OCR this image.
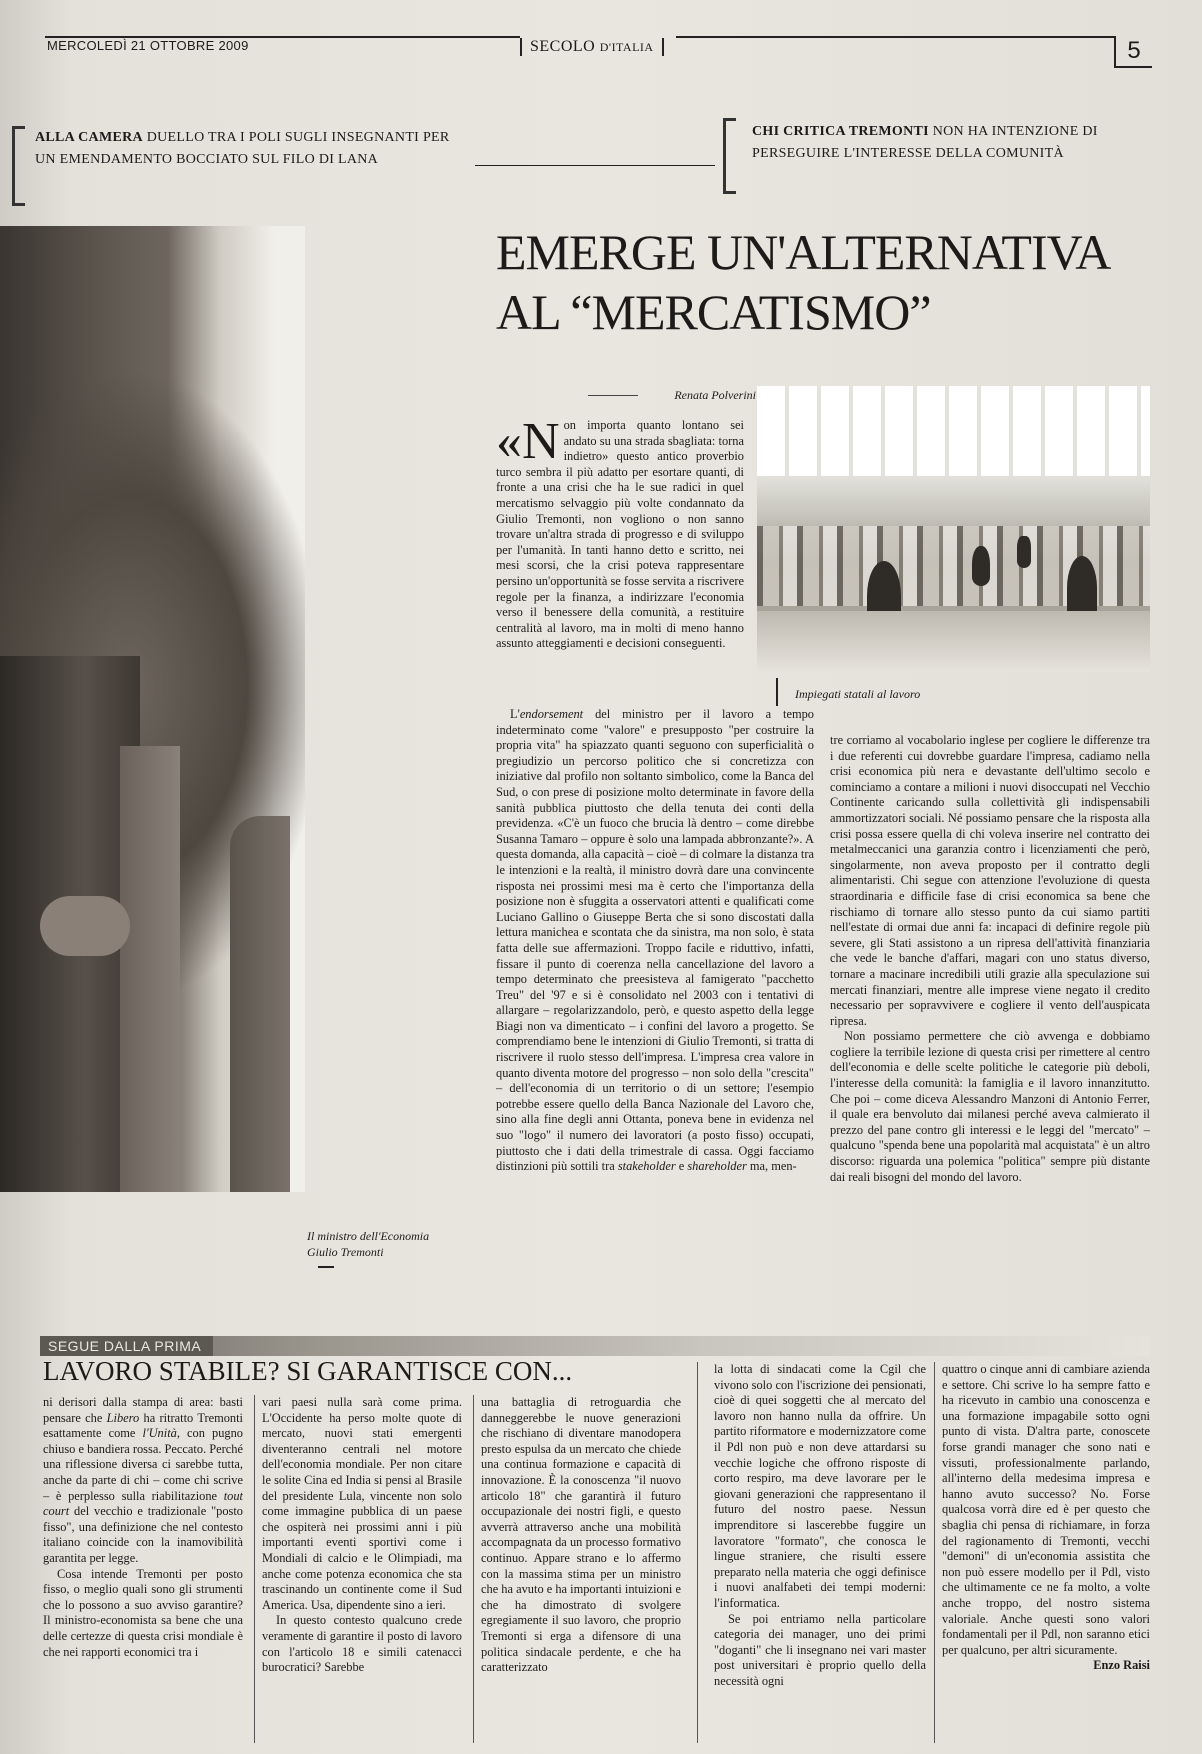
MERCOLEDÌ 21 OTTOBRE 2009	SECOLO D'ITALIA	5
ALLA CAMERA DUELLO TRA I POLI SUGLI INSEGNANTI PER UN EMENDAMENTO BOCCIATO SUL FILO DI LANA
CHI CRITICA TREMONTI NON HA INTENZIONE DI PERSEGUIRE L'INTERESSE DELLA COMUNITÀ
Il ministro dell'Economia
Giulio Tremonti
EMERGE UN'ALTERNATIVA
AL “MERCATISMO”
Renata Polverini
Impiegati statali al lavoro

«Non importa quanto lontano sei andato su una strada sbagliata: torna indietro» questo antico proverbio turco sembra il più adatto per esortare quanti, di fronte a una crisi che ha le sue radici in quel mercatismo selvaggio più volte condannato da Giulio Tremonti, non vogliono o non sanno trovare un'altra strada di progresso e di sviluppo per l'umanità. In tanti hanno detto e scritto, nei mesi scorsi, che la crisi poteva rappresentare persino un'opportunità se fosse servita a riscrivere regole per la finanza, a indirizzare l'economia verso il benessere della comunità, a restituire centralità al lavoro, ma in molti di meno hanno assunto atteggiamenti e decisioni conseguenti.

L'endorsement del ministro per il lavoro a tempo indeterminato come "valore" e presupposto "per costruire la propria vita" ha spiazzato quanti seguono con superficialità o pregiudizio un percorso politico che si concretizza con iniziative dal profilo non soltanto simbolico, come la Banca del Sud, o con prese di posizione molto determinate in favore della sanità pubblica piuttosto che della tenuta dei conti della previdenza. «C'è un fuoco che brucia là dentro – come direbbe Susanna Tamaro – oppure è solo una lampada abbronzante?». A questa domanda, alla capacità – cioè – di colmare la distanza tra le intenzioni e la realtà, il ministro dovrà dare una convincente risposta nei prossimi mesi ma è certo che l'importanza della posizione non è sfuggita a osservatori attenti e qualificati come Luciano Gallino o Giuseppe Berta che si sono discostati dalla lettura manichea e scontata che da sinistra, ma non solo, è stata fatta delle sue affermazioni. Troppo facile e riduttivo, infatti, fissare il punto di coerenza nella cancellazione del lavoro a tempo determinato che preesisteva al famigerato "pacchetto Treu" del '97 e si è consolidato nel 2003 con i tentativi di allargare – regolarizzandolo, però, e questo aspetto della legge Biagi non va dimenticato – i confini del lavoro a progetto. Se comprendiamo bene le intenzioni di Giulio Tremonti, si tratta di riscrivere il ruolo stesso dell'impresa. L'impresa crea valore in quanto diventa motore del progresso – non solo della "crescita" – dell'economia di un territorio o di un settore; l'esempio potrebbe essere quello della Banca Nazionale del Lavoro che, sino alla fine degli anni Ottanta, poneva bene in evidenza nel suo "logo" il numero dei lavoratori (a posto fisso) occupati, piuttosto che i dati della trimestrale di cassa. Oggi facciamo distinzioni più sottili tra stakeholder e shareholder ma, men-

tre corriamo al vocabolario inglese per cogliere le differenze tra i due referenti cui dovrebbe guardare l'impresa, cadiamo nella crisi economica più nera e devastante dell'ultimo secolo e cominciamo a contare a milioni i nuovi disoccupati nel Vecchio Continente caricando sulla collettività gli indispensabili ammortizzatori sociali. Né possiamo pensare che la risposta alla crisi possa essere quella di chi voleva inserire nel contratto dei metalmeccanici una garanzia contro i licenziamenti che però, singolarmente, non aveva proposto per il contratto degli alimentaristi. Chi segue con attenzione l'evoluzione di questa straordinaria e difficile fase di crisi economica sa bene che rischiamo di tornare allo stesso punto da cui siamo partiti nell'estate di ormai due anni fa: incapaci di definire regole più severe, gli Stati assistono a un ripresa dell'attività finanziaria che vede le banche d'affari, magari con uno status diverso, tornare a macinare incredibili utili grazie alla speculazione sui mercati finanziari, mentre alle imprese viene negato il credito necessario per sopravvivere e cogliere il vento dell'auspicata ripresa.

Non possiamo permettere che ciò avvenga e dobbiamo cogliere la terribile lezione di questa crisi per rimettere al centro dell'economia e delle scelte politiche le categorie più deboli, l'interesse della comunità: la famiglia e il lavoro innanzitutto. Che poi – come diceva Alessandro Manzoni di Antonio Ferrer, il quale era benvoluto dai milanesi perché aveva calmierato il prezzo del pane contro gli interessi e le leggi del "mercato" – qualcuno "spenda bene una popolarità mal acquistata" è un altro discorso: riguarda una polemica "politica" sempre più distante dai reali bisogni del mondo del lavoro.

SEGUE DALLA PRIMA
LAVORO STABILE? SI GARANTISCE CON...

ni derisori dalla stampa di area: basti pensare che Libero ha ritratto Tremonti esattamente come l'Unità, con pugno chiuso e bandiera rossa. Peccato. Perché una riflessione diversa ci sarebbe tutta, anche da parte di chi – come chi scrive – è perplesso sulla riabilitazione tout court del vecchio e tradizionale "posto fisso", una definizione che nel contesto italiano coincide con la inamovibilità garantita per legge.

Cosa intende Tremonti per posto fisso, o meglio quali sono gli strumenti che lo possono a suo avviso garantire? Il ministro-economista sa bene che una delle certezze di questa crisi mondiale è che nei rapporti economici tra i

vari paesi nulla sarà come prima. L'Occidente ha perso molte quote di mercato, nuovi stati emergenti diventeranno centrali nel motore dell'economia mondiale. Per non citare le solite Cina ed India si pensi al Brasile del presidente Lula, vincente non solo come immagine pubblica di un paese che ospiterà nei prossimi anni i più importanti eventi sportivi come i Mondiali di calcio e le Olimpiadi, ma anche come potenza economica che sta trascinando un continente come il Sud America. Usa, dipendente sino a ieri.

In questo contesto qualcuno crede veramente di garantire il posto di lavoro con l'articolo 18 e simili catenacci burocratici? Sarebbe

una battaglia di retroguardia che danneggerebbe le nuove generazioni che rischiano di diventare manodopera presto espulsa da un mercato che chiede una continua formazione e capacità di innovazione. È la conoscenza "il nuovo articolo 18" che garantirà il futuro occupazionale dei nostri figli, e questo avverrà attraverso anche una mobilità accompagnata da un processo formativo continuo. Appare strano e lo affermo con la massima stima per un ministro che ha avuto e ha importanti intuizioni e che ha dimostrato di svolgere egregiamente il suo lavoro, che proprio Tremonti si erga a difensore di una politica sindacale perdente, e che ha caratterizzato

la lotta di sindacati come la Cgil che vivono solo con l'iscrizione dei pensionati, cioè di quei soggetti che al mercato del lavoro non hanno nulla da offrire. Un partito riformatore e modernizzatore come il Pdl non può e non deve attardarsi su vecchie logiche che offrono risposte di corto respiro, ma deve lavorare per le giovani generazioni che rappresentano il futuro del nostro paese. Nessun imprenditore si lascerebbe fuggire un lavoratore "formato", che conosca le lingue straniere, che risulti essere preparato nella materia che oggi definisce i nuovi analfabeti dei tempi moderni: l'informatica.

Se poi entriamo nella particolare categoria dei manager, uno dei primi "doganti" che li insegnano nei vari master post universitari è proprio quello della necessità ogni

quattro o cinque anni di cambiare azienda e settore. Chi scrive lo ha sempre fatto e ha ricevuto in cambio una conoscenza e una formazione impagabile sotto ogni punto di vista. D'altra parte, conoscete forse grandi manager che sono nati e vissuti, professionalmente parlando, all'interno della medesima impresa e hanno avuto successo? No. Forse qualcosa vorrà dire ed è per questo che sbaglia chi pensa di richiamare, in forza del ragionamento di Tremonti, vecchi "demoni" di un'economia assistita che non può essere modello per il Pdl, visto che ultimamente ce ne fa molto, a volte anche troppo, del nostro sistema valoriale. Anche questi sono valori fondamentali per il Pdl, non saranno etici per qualcuno, per altri sicuramente.

Enzo Raisi
